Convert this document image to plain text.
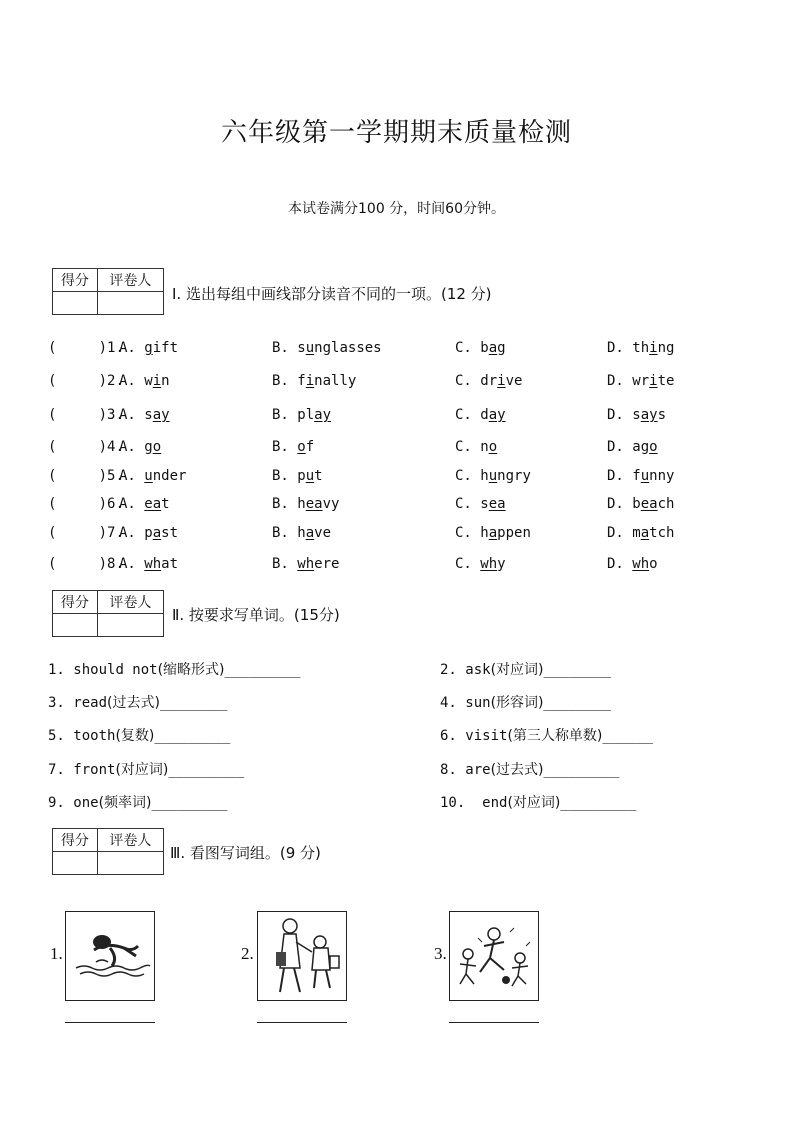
六年级第一学期期末质量检测
本试卷满分100 分，时间60分钟。
得分	评卷人

Ⅰ. 选出每组中画线部分读音不同的一项。(12 分)
(     )1.
A. gift	B. sunglasses	C. bag	D. thing
(     )2.
A. win	B. finally	C. drive	D. write
(     )3.
A. say	B. play	C. day	D. says
(     )4.
A. go	B. of	C. no	D. ago
(     )5.
A. under	B. put	C. hungry	D. funny
(     )6.
A. eat	B. heavy	C. sea	D. beach
(     )7.
A. past	B. have	C. happen	D. match
(     )8.
A. what	B. where	C. why	D. who
得分	评卷人

Ⅱ. 按要求写单词。(15分)
1. should not(缩略形式)_________	2. ask(对应词)________
3. read(过去式)________	4. sun(形容词)________
5. tooth(复数)_________	6. visit(第三人称单数)______
7. front(对应词)_________	8. are(过去式)_________
9. one(频率词)_________	10.  end(对应词)_________
得分	评卷人

Ⅲ. 看图写词组。(9 分)
1.	2.	3.
